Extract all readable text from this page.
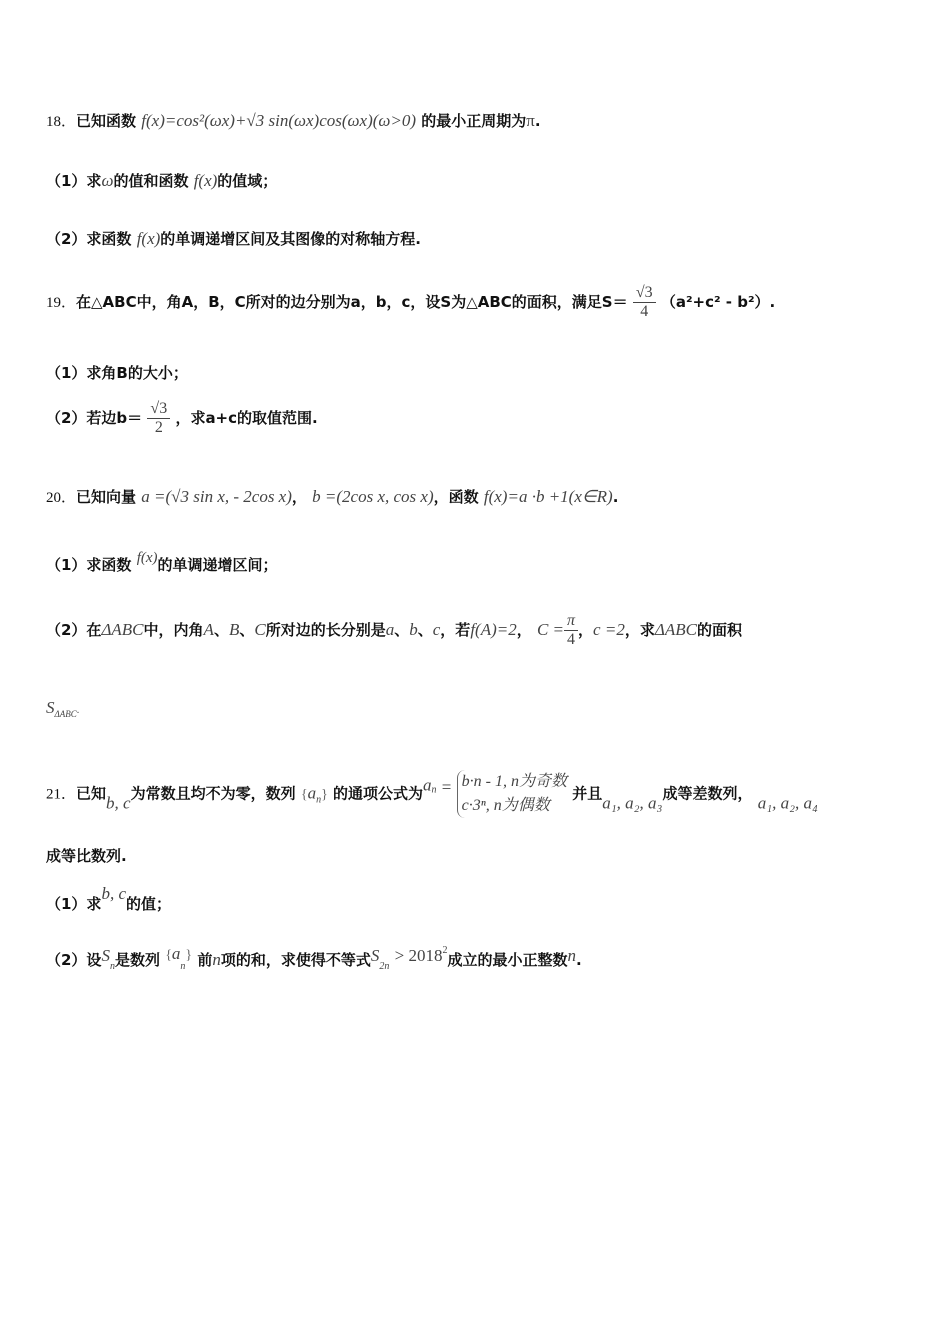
18．已知函数 f(x)=cos²(ωx)+√3 sin(ωx)cos(ωx)(ω>0) 的最小正周期为π.
（1）求ω的值和函数 f(x)的值域；
（2）求函数 f(x)的单调递增区间及其图像的对称轴方程.
19．在△ABC中，角A，B，C所对的边分别为a，b，c，设S为△ABC的面积，满足$S= \frac{√3}{4} (a^2+c^2 - b^2)$.
（1）求角B的大小；
（2）若边$b= \frac{√3}{2}$ ，求a+c的取值范围.
20．已知向量 a =(√3 sin x, - 2cos x)， b =(2cos x, cos x)，函数 f(x)=a ·b +1(x∈R).
（1）求函数 f(x)的单调递增区间；
（2）在ΔABC中，内角A、B、C所对边的长分别是a、b、c，若f(A)=2， $C = \frac{\pi}{4}$ ，c =2，求ΔABC的面积
$S_{\Delta ABC}$.
21．已知b, c为常数且均不为零，数列 $\{a_n\}$ 的通项公式为$a^n = b\cdot n - 1$, n为奇数
c·3ⁿ, n为偶数
并且a₁, a₂, a₃成等差数列， a₁, a₂, a₄
成等比数列.
（1）求b, c的值；
（2）设$S_n$是数列 $\{a_n\}$ 前n项的和，求使得不等式$S_{2n} > 2018^2$成立的最小正整数n.
